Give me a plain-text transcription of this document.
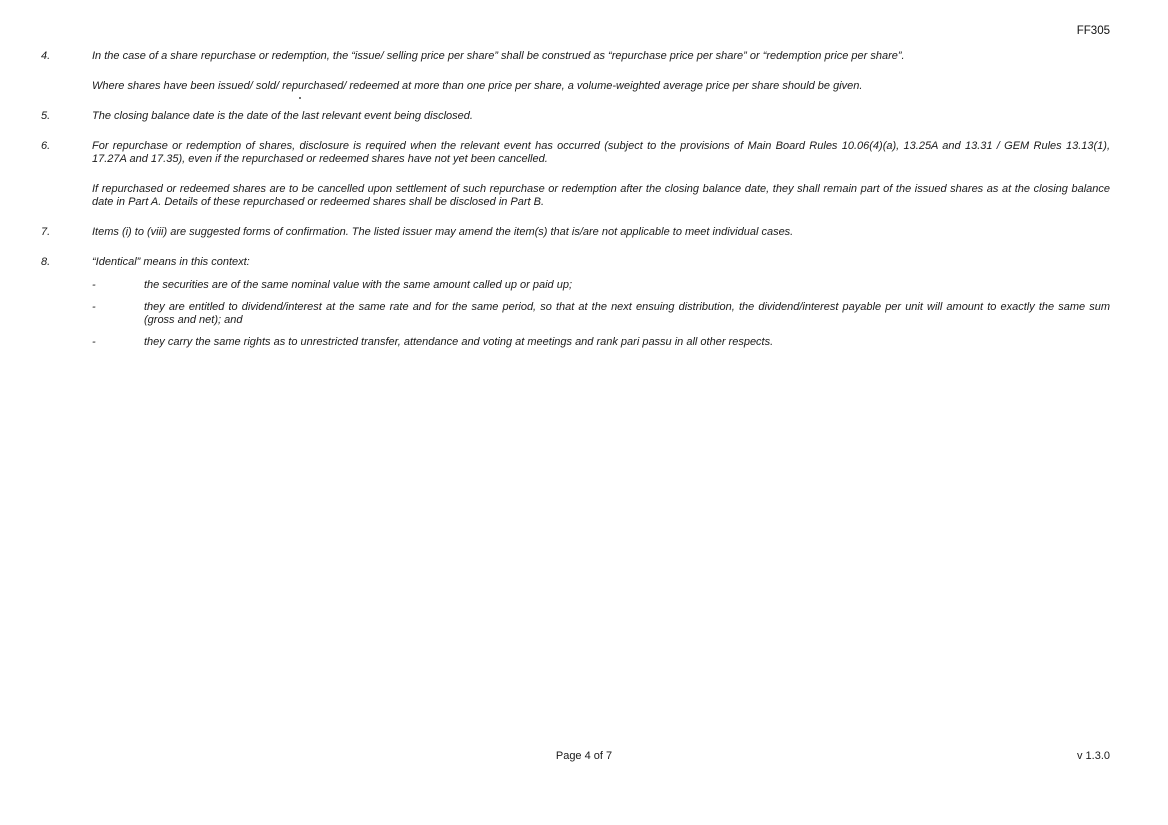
FF305
4.	In the case of a share repurchase or redemption, the “issue/ selling price per share” shall be construed as “repurchase price per share” or “redemption price per share”.

Where shares have been issued/ sold/ repurchased/ redeemed at more than one price per share, a volume-weighted average price per share should be given.

5.	The closing balance date is the date of the last relevant event being disclosed.

6.	For repurchase or redemption of shares, disclosure is required when the relevant event has occurred (subject to the provisions of Main Board Rules 10.06(4)(a), 13.25A and 13.31 / GEM Rules 13.13(1), 17.27A and 17.35), even if the repurchased or redeemed shares have not yet been cancelled.

If repurchased or redeemed shares are to be cancelled upon settlement of such repurchase or redemption after the closing balance date, they shall remain part of the issued shares as at the closing balance date in Part A. Details of these repurchased or redeemed shares shall be disclosed in Part B.

7.	Items (i) to (viii) are suggested forms of confirmation. The listed issuer may amend the item(s) that is/are not applicable to meet individual cases.

8.	“Identical” means in this context:

-	the securities are of the same nominal value with the same amount called up or paid up;
-	they are entitled to dividend/interest at the same rate and for the same period, so that at the next ensuing distribution, the dividend/interest payable per unit will amount to exactly the same sum (gross and net); and
-	they carry the same rights as to unrestricted transfer, attendance and voting at meetings and rank pari passu in all other respects.
Page 4 of 7	v 1.3.0
